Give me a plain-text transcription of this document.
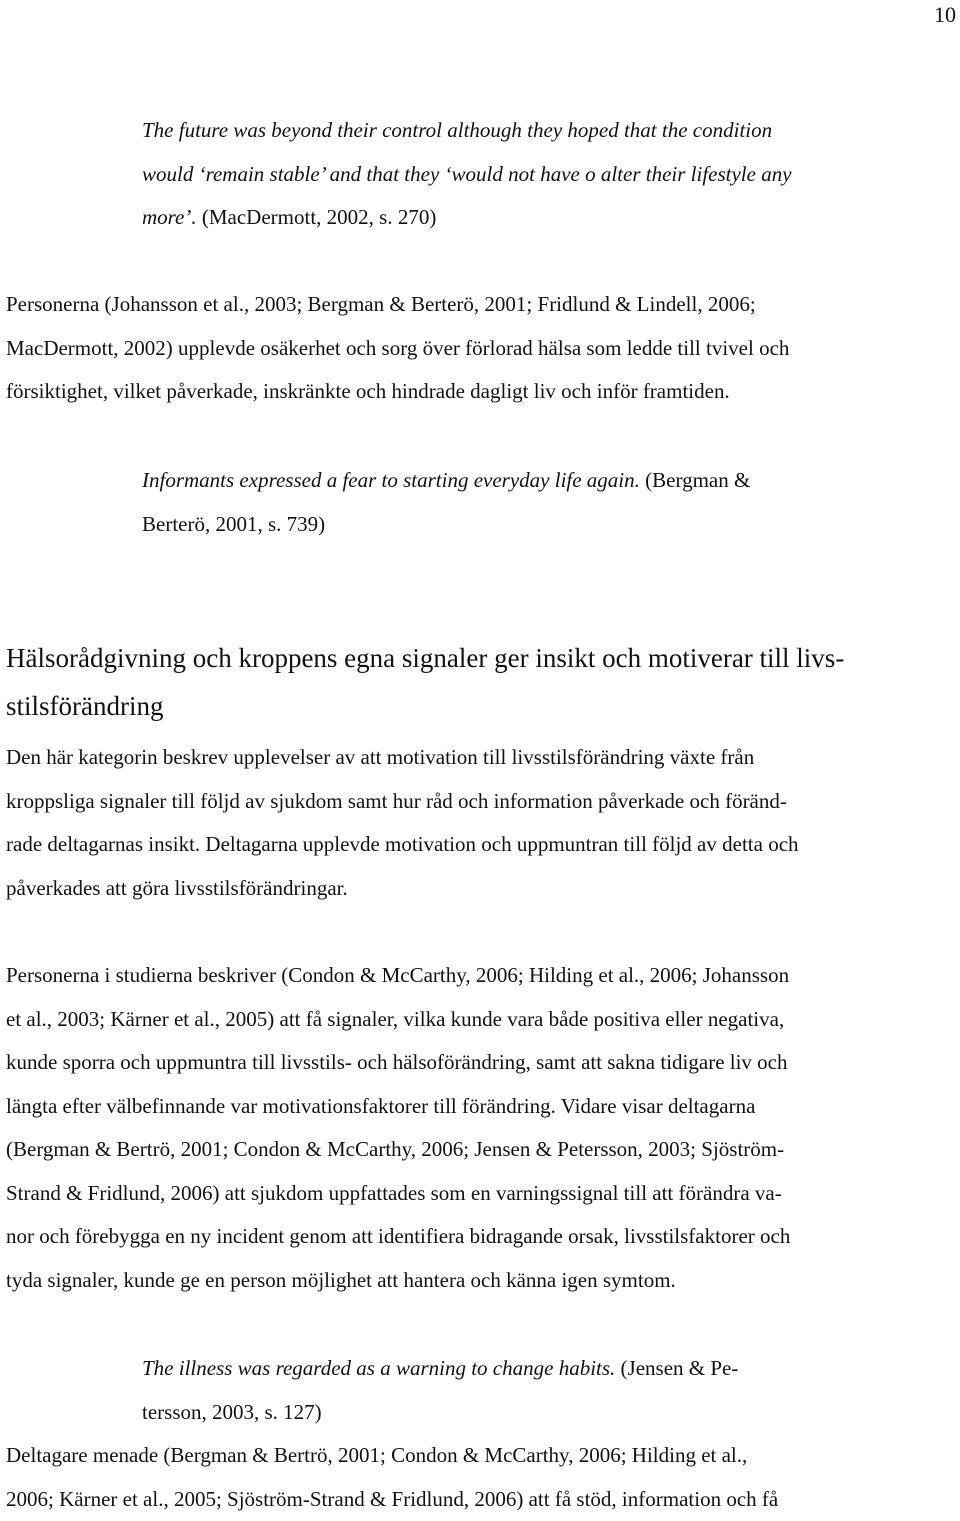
10
The future was beyond their control although they hoped that the condition
would ‘remain stable’ and that they ‘would not have o alter their lifestyle any
more’. (MacDermott, 2002, s. 270)
Personerna (Johansson et al., 2003; Bergman & Berterö, 2001; Fridlund & Lindell, 2006;
MacDermott, 2002) upplevde osäkerhet och sorg över förlorad hälsa som ledde till tvivel och
försiktighet, vilket påverkade, inskränkte och hindrade dagligt liv och inför framtiden.
Informants expressed a fear to starting everyday life again. (Bergman &
Berterö, 2001, s. 739)
Hälsorådgivning och kroppens egna signaler ger insikt och motiverar till livs-
stilsförändring
Den här kategorin beskrev upplevelser av att motivation till livsstilsförändring växte från
kroppsliga signaler till följd av sjukdom samt hur råd och information påverkade och föränd-
rade deltagarnas insikt. Deltagarna upplevde motivation och uppmuntran till följd av detta och
påverkades att göra livsstilsförändringar.
Personerna i studierna beskriver (Condon & McCarthy, 2006; Hilding et al., 2006; Johansson
et al., 2003; Kärner et al., 2005) att få signaler, vilka kunde vara både positiva eller negativa,
kunde sporra och uppmuntra till livsstils- och hälsoförändring, samt att sakna tidigare liv och
längta efter välbefinnande var motivationsfaktorer till förändring. Vidare visar deltagarna
(Bergman & Bertrö, 2001; Condon & McCarthy, 2006; Jensen & Petersson, 2003; Sjöström-
Strand & Fridlund, 2006) att sjukdom uppfattades som en varningssignal till att förändra va-
nor och förebygga en ny incident genom att identifiera bidragande orsak, livsstilsfaktorer och
tyda signaler, kunde ge en person möjlighet att hantera och känna igen symtom.
The illness was regarded as a warning to change habits. (Jensen & Pe-
tersson, 2003, s. 127)
Deltagare menade (Bergman & Bertrö, 2001; Condon & McCarthy, 2006; Hilding et al.,
2006; Kärner et al., 2005; Sjöström-Strand & Fridlund, 2006) att få stöd, information och få
